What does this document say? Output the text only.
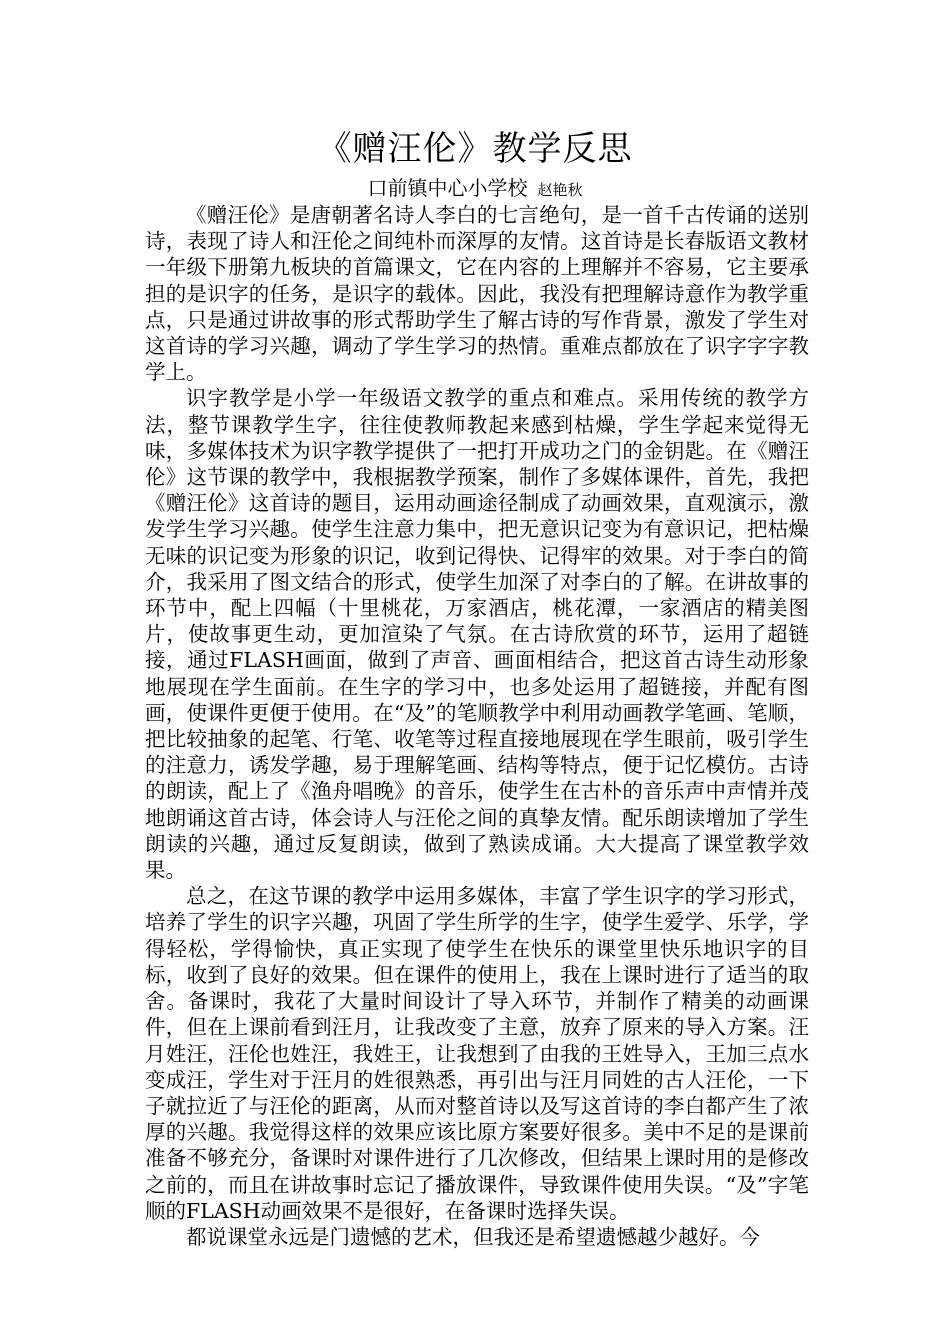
《赠汪伦》教学反思
口前镇中心小学校 赵艳秋

《赠汪伦》是唐朝著名诗人李白的七言绝句，是一首千古传诵的送别诗，表现了诗人和汪伦之间纯朴而深厚的友情。这首诗是长春版语文教材一年级下册第九板块的首篇课文，它在内容的上理解并不容易，它主要承担的是识字的任务，是识字的载体。因此，我没有把理解诗意作为教学重点，只是通过讲故事的形式帮助学生了解古诗的写作背景，激发了学生对这首诗的学习兴趣，调动了学生学习的热情。重难点都放在了识字字字教学上。

识字教学是小学一年级语文教学的重点和难点。采用传统的教学方法，整节课教学生字，往往使教师教起来感到枯燥，学生学起来觉得无味，多媒体技术为识字教学提供了一把打开成功之门的金钥匙。在《赠汪伦》这节课的教学中，我根据教学预案，制作了多媒体课件，首先，我把《赠汪伦》这首诗的题目，运用动画途径制成了动画效果，直观演示，激发学生学习兴趣。使学生注意力集中，把无意识记变为有意识记，把枯燥无味的识记变为形象的识记，收到记得快、记得牢的效果。对于李白的简介，我采用了图文结合的形式，使学生加深了对李白的了解。在讲故事的环节中，配上四幅（十里桃花，万家酒店，桃花潭，一家酒店的精美图片，使故事更生动，更加渲染了气氛。在古诗欣赏的环节，运用了超链接，通过FLASH画面，做到了声音、画面相结合，把这首古诗生动形象地展现在学生面前。在生字的学习中，也多处运用了超链接，并配有图画，使课件更便于使用。在“及”的笔顺教学中利用动画教学笔画、笔顺，把比较抽象的起笔、行笔、收笔等过程直接地展现在学生眼前，吸引学生的注意力，诱发学趣，易于理解笔画、结构等特点，便于记忆模仿。古诗的朗读，配上了《渔舟唱晚》的音乐，使学生在古朴的音乐声中声情并茂地朗诵这首古诗，体会诗人与汪伦之间的真挚友情。配乐朗读增加了学生朗读的兴趣，通过反复朗读，做到了熟读成诵。大大提高了课堂教学效果。

总之，在这节课的教学中运用多媒体，丰富了学生识字的学习形式，培养了学生的识字兴趣，巩固了学生所学的生字，使学生爱学、乐学，学得轻松，学得愉快，真正实现了使学生在快乐的课堂里快乐地识字的目标，收到了良好的效果。但在课件的使用上，我在上课时进行了适当的取舍。备课时，我花了大量时间设计了导入环节，并制作了精美的动画课件，但在上课前看到汪月，让我改变了主意，放弃了原来的导入方案。汪月姓汪，汪伦也姓汪，我姓王，让我想到了由我的王姓导入，王加三点水变成汪，学生对于汪月的姓很熟悉，再引出与汪月同姓的古人汪伦，一下子就拉近了与汪伦的距离，从而对整首诗以及写这首诗的李白都产生了浓厚的兴趣。我觉得这样的效果应该比原方案要好很多。美中不足的是课前准备不够充分，备课时对课件进行了几次修改，但结果上课时用的是修改之前的，而且在讲故事时忘记了播放课件，导致课件使用失误。“及”字笔顺的FLASH动画效果不是很好，在备课时选择失误。

都说课堂永远是门遗憾的艺术，但我还是希望遗憾越少越好。今
